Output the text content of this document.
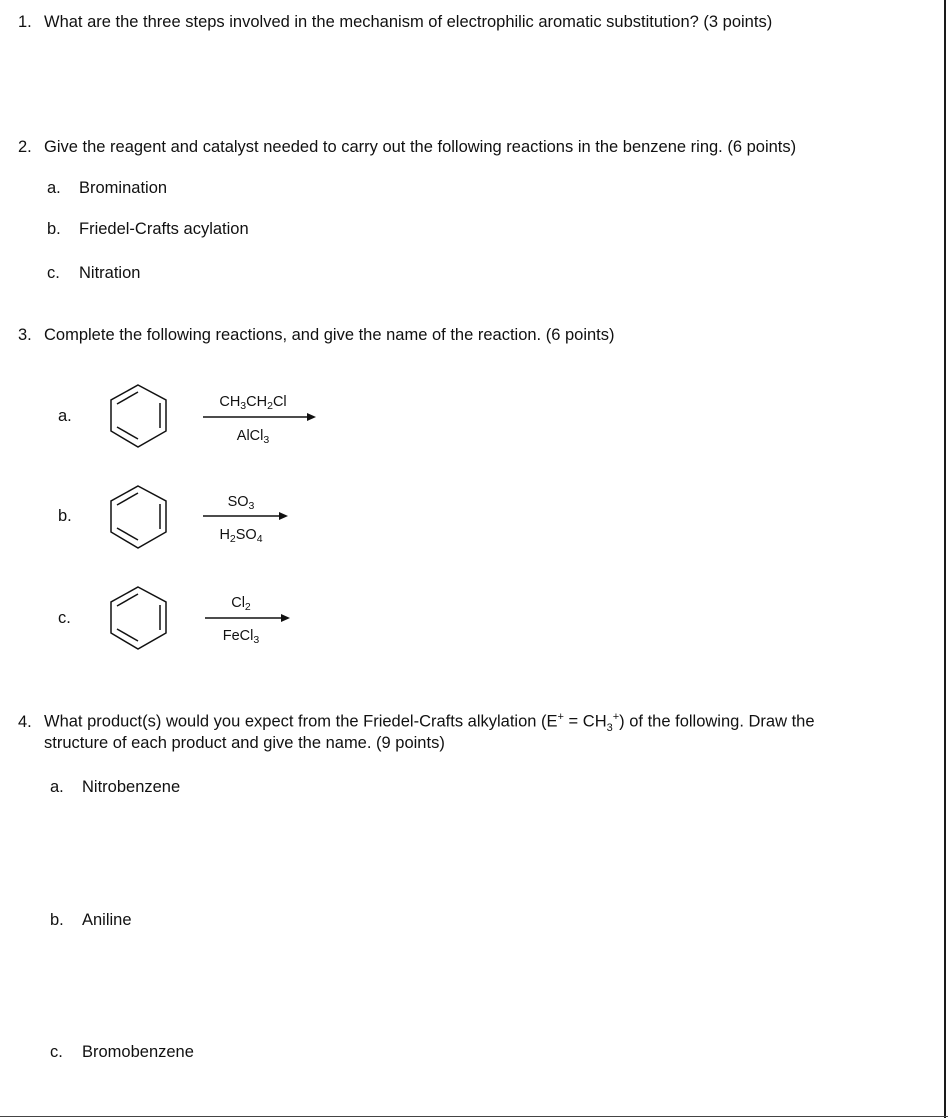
1. What are the three steps involved in the mechanism of electrophilic aromatic substitution? (3 points)
2. Give the reagent and catalyst needed to carry out the following reactions in the benzene ring. (6 points)
a. Bromination
b. Friedel-Crafts acylation
c. Nitration
3. Complete the following reactions, and give the name of the reaction. (6 points)
a.
$CH_3CH_2Cl$
AlCl$_3$
b.
$SO_3$
$H_2SO_4$
c.
$Cl_2$
FeCl$_3$
4. What product(s) would you expect from the Friedel-Crafts alkylation $(E^+ = CH_3^+)$ of the following. Draw the
structure of each product and give the name. (9 points)
a. Nitrobenzene
b. Aniline
c. Bromobenzene
